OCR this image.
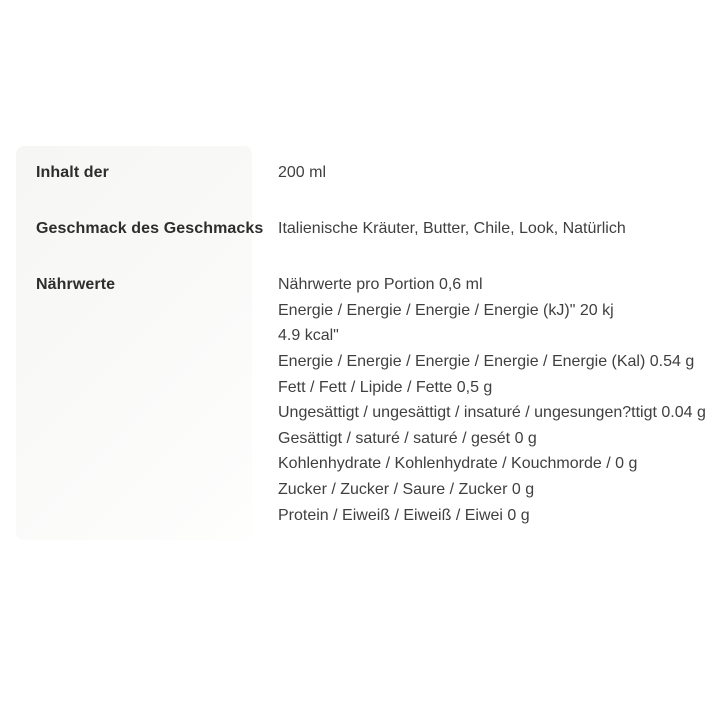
Inhalt der	200 ml
Geschmack des Geschmacks Italienische Kräuter, Butter, Chile, Look, Natürlich
Nährwerte	Nährwerte pro Portion 0,6 ml
Energie / Energie / Energie / Energie (kJ)" 20 kj
4.9 kcal"
Energie / Energie / Energie / Energie / Energie (Kal) 0.54 g
Fett / Fett / Lipide / Fette 0,5 g
Ungesättigt / ungesättigt / insaturé / ungesungen?ttigt 0.04 g
Gesättigt / saturé / saturé / gesét 0 g
Kohlenhydrate / Kohlenhydrate / Kouchmorde / 0 g
Zucker / Zucker / Saure / Zucker 0 g
Protein / Eiweiß / Eiweiß / Eiwei 0 g
